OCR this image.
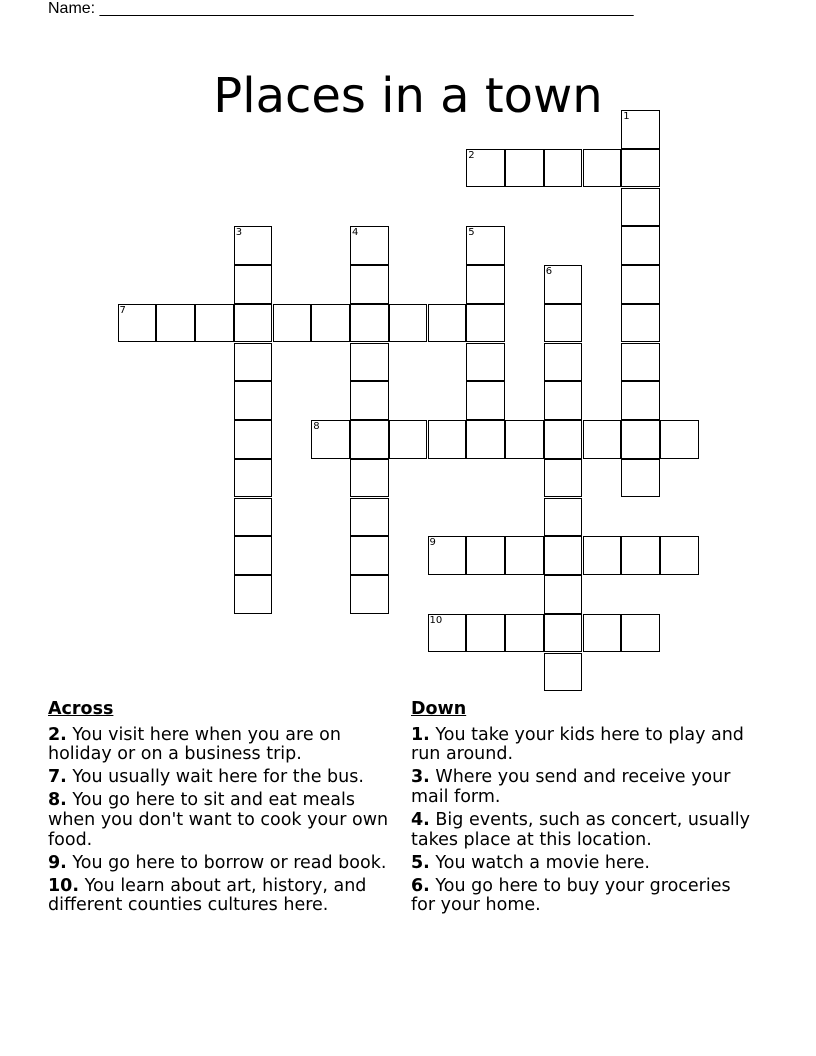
Name: ____________________________________________________________
Places in a town	1
2
3	4	5
6
7
8
9
10
Across
2. You visit here when you are on holiday or on a business trip.
7. You usually wait here for the bus.
8. You go here to sit and eat meals when you don't want to cook your own food.
9. You go here to borrow or read book.
10. You learn about art, history, and different counties cultures here.
Down
1. You take your kids here to play and run around.
3. Where you send and receive your mail form.
4. Big events, such as concert, usually takes place at this location.
5. You watch a movie here.
6. You go here to buy your groceries for your home.
